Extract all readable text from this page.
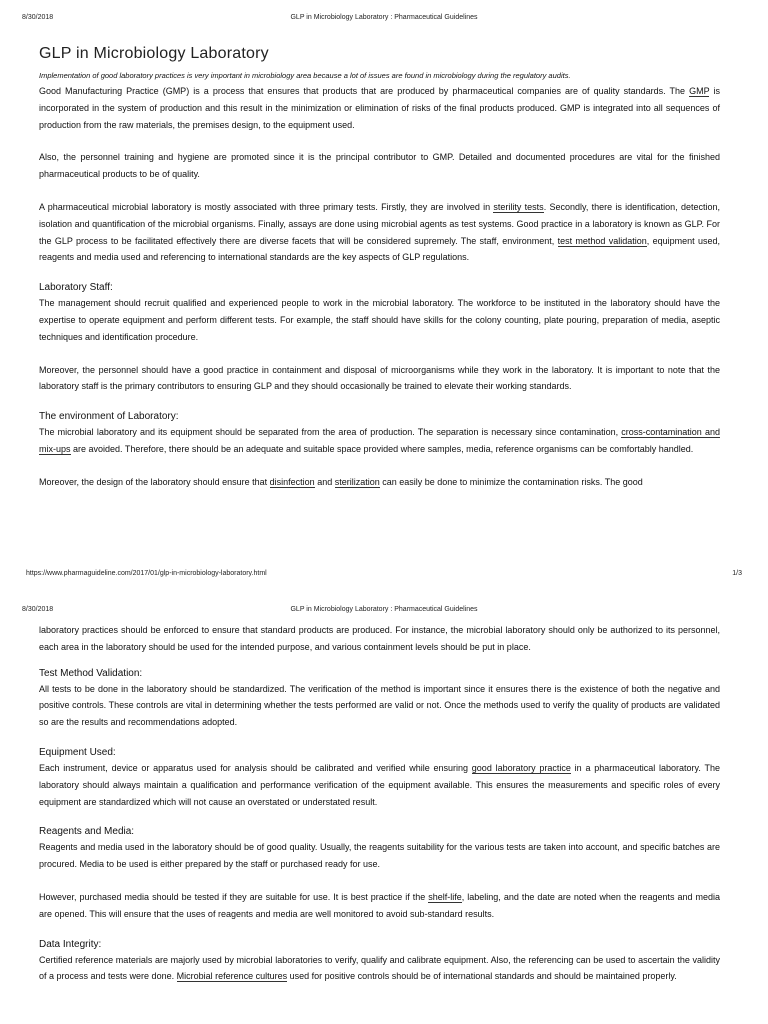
8/30/2018	GLP in Microbiology Laboratory : Pharmaceutical Guidelines
GLP in Microbiology Laboratory
Implementation of good laboratory practices is very important in microbiology area because a lot of issues are found in microbiology during the regulatory audits.

Good Manufacturing Practice (GMP) is a process that ensures that products that are produced by pharmaceutical companies are of quality standards. The GMP is incorporated in the system of production and this result in the minimization or elimination of risks of the final products produced. GMP is integrated into all sequences of production from the raw materials, the premises design, to the equipment used.

Also, the personnel training and hygiene are promoted since it is the principal contributor to GMP. Detailed and documented procedures are vital for the finished pharmaceutical products to be of quality.

A pharmaceutical microbial laboratory is mostly associated with three primary tests. Firstly, they are involved in sterility tests. Secondly, there is identification, detection, isolation and quantification of the microbial organisms. Finally, assays are done using microbial agents as test systems. Good practice in a laboratory is known as GLP. For the GLP process to be facilitated effectively there are diverse facets that will be considered supremely. The staff, environment, test method validation, equipment used, reagents and media used and referencing to international standards are the key aspects of GLP regulations.

Laboratory Staff:

The management should recruit qualified and experienced people to work in the microbial laboratory. The workforce to be instituted in the laboratory should have the expertise to operate equipment and perform different tests. For example, the staff should have skills for the colony counting, plate pouring, preparation of media, aseptic techniques and identification procedure.

Moreover, the personnel should have a good practice in containment and disposal of microorganisms while they work in the laboratory. It is important to note that the laboratory staff is the primary contributors to ensuring GLP and they should occasionally be trained to elevate their working standards.

The environment of Laboratory:

The microbial laboratory and its equipment should be separated from the area of production. The separation is necessary since contamination, cross-contamination and mix-ups are avoided. Therefore, there should be an adequate and suitable space provided where samples, media, reference organisms can be comfortably handled.

Moreover, the design of the laboratory should ensure that disinfection and sterilization can easily be done to minimize the contamination risks. The good

https://www.pharmaguideline.com/2017/01/glp-in-microbiology-laboratory.html	1/3
8/30/2018	GLP in Microbiology Laboratory : Pharmaceutical Guidelines

laboratory practices should be enforced to ensure that standard products are produced. For instance, the microbial laboratory should only be authorized to its personnel, each area in the laboratory should be used for the intended purpose, and various containment levels should be put in place.

Test Method Validation:

All tests to be done in the laboratory should be standardized. The verification of the method is important since it ensures there is the existence of both the negative and positive controls. These controls are vital in determining whether the tests performed are valid or not. Once the methods used to verify the quality of products are validated so are the results and recommendations adopted.

Equipment Used:

Each instrument, device or apparatus used for analysis should be calibrated and verified while ensuring good laboratory practice in a pharmaceutical laboratory. The laboratory should always maintain a qualification and performance verification of the equipment available. This ensures the measurements and specific roles of every equipment are standardized which will not cause an overstated or understated result.

Reagents and Media:

Reagents and media used in the laboratory should be of good quality. Usually, the reagents suitability for the various tests are taken into account, and specific batches are procured. Media to be used is either prepared by the staff or purchased ready for use.

However, purchased media should be tested if they are suitable for use. It is best practice if the shelf-life, labeling, and the date are noted when the reagents and media are opened. This will ensure that the uses of reagents and media are well monitored to avoid sub-standard results.

Data Integrity:

Certified reference materials are majorly used by microbial laboratories to verify, qualify and calibrate equipment. Also, the referencing can be used to ascertain the validity of a process and tests were done. Microbial reference cultures used for positive controls should be of international standards and should be maintained properly.
